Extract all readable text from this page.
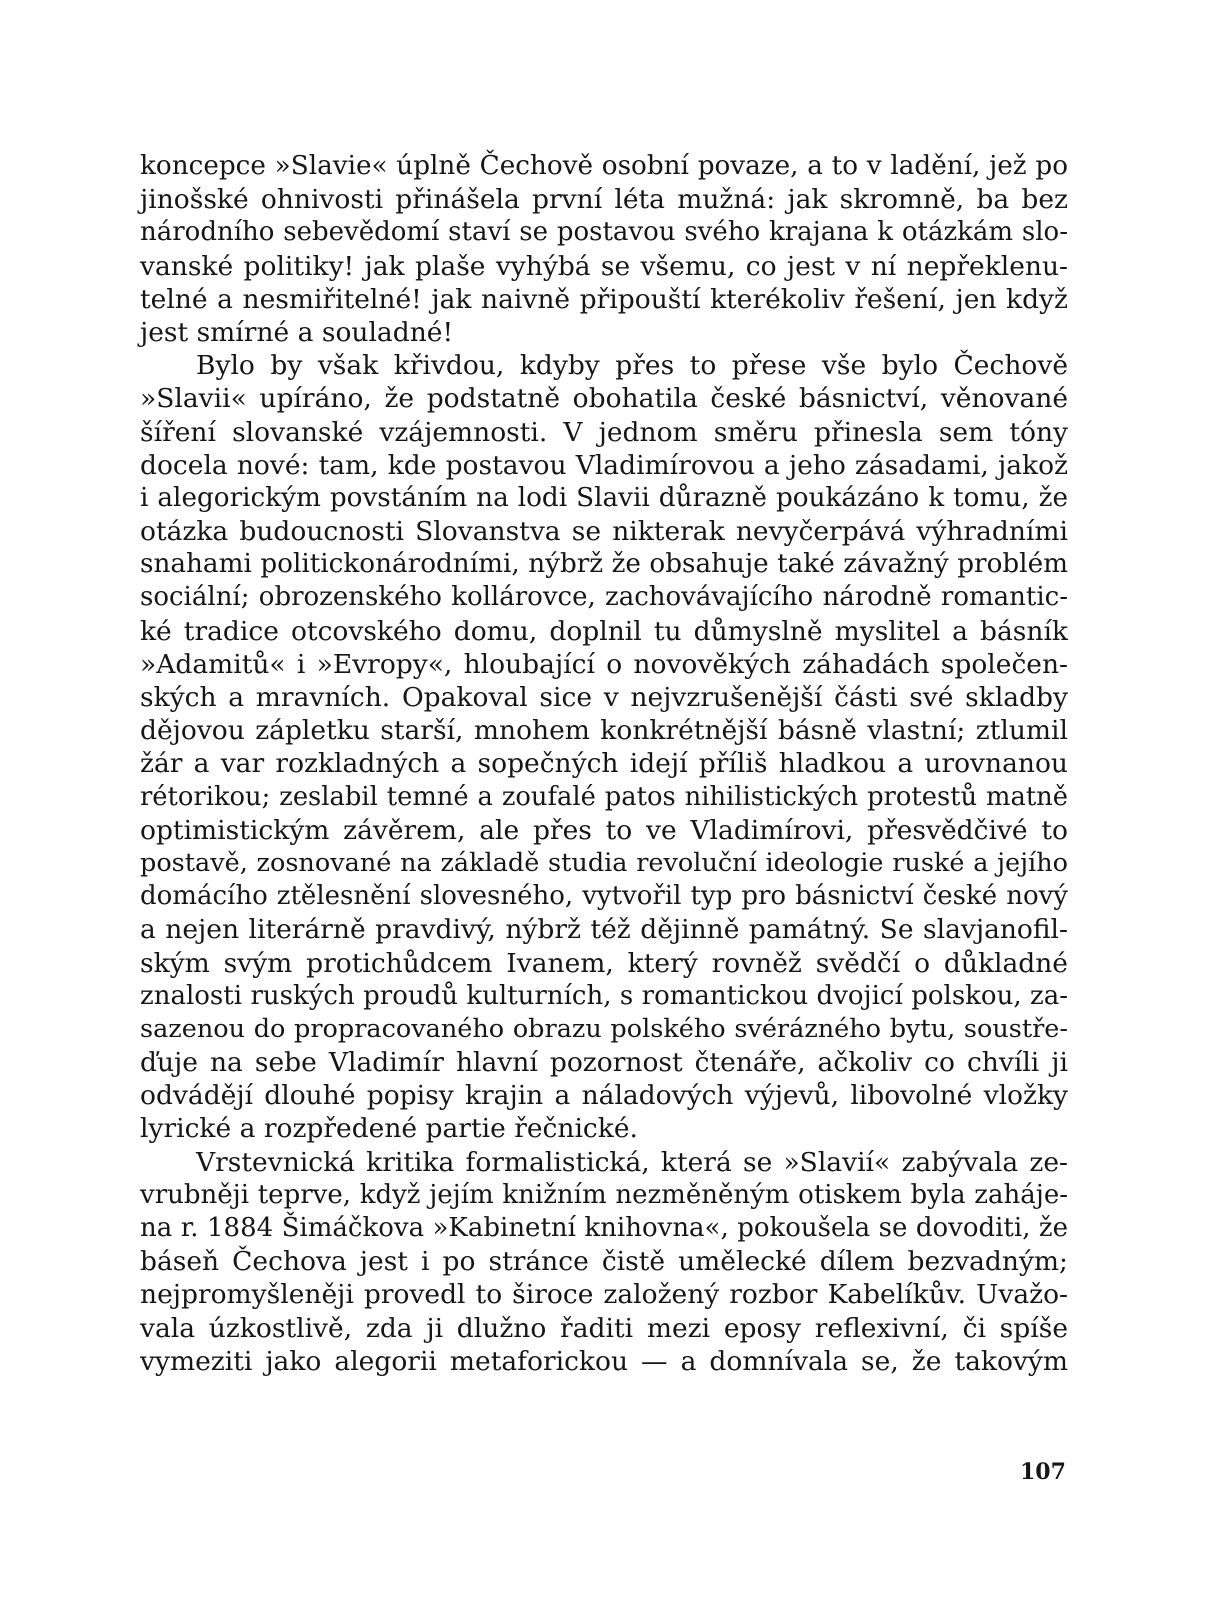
koncepce »Slavie« úplně Čechově osobní povaze, a to v ladění, jež po
jinošské ohnivosti přinášela první léta mužná: jak skromně, ba bez
národního sebevědomí staví se postavou svého krajana k otázkám slo-
vanské politiky! jak plaše vyhýbá se všemu, co jest v ní nepřeklenu-
telné a nesmiřitelné! jak naivně připouští kterékoliv řešení, jen když
jest smírné a souladné!
Bylo by však křivdou, kdyby přes to přese vše bylo Čechově
»Slavii« upíráno, že podstatně obohatila české básnictví, věnované
šíření slovanské vzájemnosti. V jednom směru přinesla sem tóny
docela nové: tam, kde postavou Vladimírovou a jeho zásadami, jakož
i alegorickým povstáním na lodi Slavii důrazně poukázáno k tomu, že
otázka budoucnosti Slovanstva se nikterak nevyčerpává výhradními
snahami politickonárodními, nýbrž že obsahuje také závažný problém
sociální; obrozenského kollárovce, zachovávajícího národně romantic-
ké tradice otcovského domu, doplnil tu důmyslně myslitel a básník
»Adamitů« i »Evropy«, hloubající o novověkých záhadách společen-
ských a mravních. Opakoval sice v nejvzrušenější části své skladby
dějovou zápletku starší, mnohem konkrétnější básně vlastní; ztlumil
žár a var rozkladných a sopečných idejí příliš hladkou a urovnanou
rétorikou; zeslabil temné a zoufalé patos nihilistických protestů matně
optimistickým závěrem, ale přes to ve Vladimírovi, přesvědčivé to
postavě, zosnované na základě studia revoluční ideologie ruské a jejího
domácího ztělesnění slovesného, vytvořil typ pro básnictví české nový
a nejen literárně pravdivý, nýbrž též dějinně památný. Se slavjanofil-
ským svým protichůdcem Ivanem, který rovněž svědčí o důkladné
znalosti ruských proudů kulturních, s romantickou dvojicí polskou, za-
sazenou do propracovaného obrazu polského svérázného bytu, soustře-
ďuje na sebe Vladimír hlavní pozornost čtenáře, ačkoliv co chvíli ji
odvádějí dlouhé popisy krajin a náladových výjevů, libovolné vložky
lyrické a rozpředené partie řečnické.
Vrstevnická kritika formalistická, která se »Slavií« zabývala ze-
vrubněji teprve, když jejím knižním nezměněným otiskem byla zaháje-
na r. 1884 Šimáčkova »Kabinetní knihovna«, pokoušela se dovoditi, že
báseň Čechova jest i po stránce čistě umělecké dílem bezvadným;
nejpromyšleněji provedl to široce založený rozbor Kabelíkův. Uvažo-
vala úzkostlivě, zda ji dlužno řaditi mezi eposy reflexivní, či spíše
vymeziti jako alegorii metaforickou — a domnívala se, že takovým
107
